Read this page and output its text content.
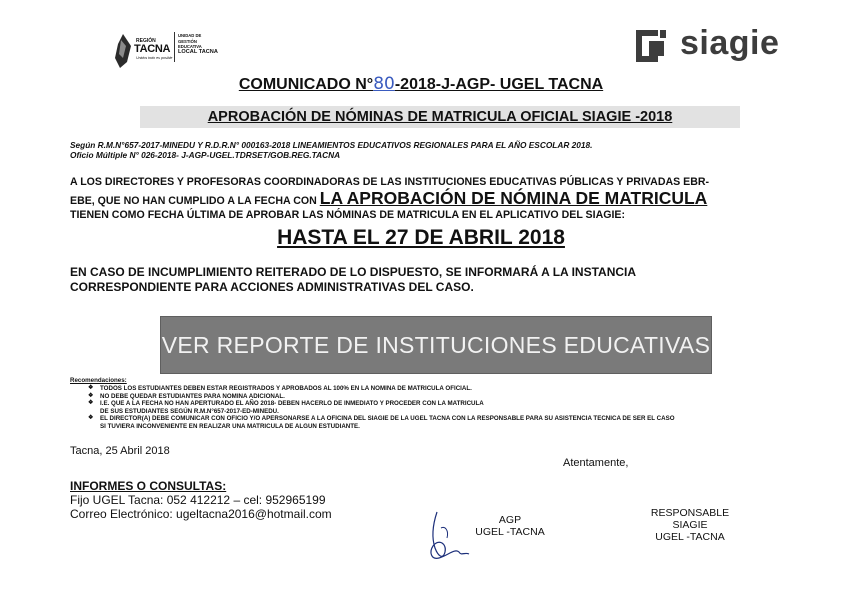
REGIÓN
TACNA
Unidos todo es posible
UNIDAD DE
GESTIÓN
EDUCATIVA
LOCAL TACNA	siagie
COMUNICADO N°80-2018-J-AGP- UGEL TACNA
APROBACIÓN DE NÓMINAS DE MATRICULA OFICIAL SIAGIE -2018
Según R.M.N°657-2017-MINEDU Y R.D.R.N° 000163-2018 LINEAMIENTOS EDUCATIVOS REGIONALES PARA EL AÑO ESCOLAR 2018.
Oficio Múltiple N° 026-2018- J-AGP-UGEL.TDRSET/GOB.REG.TACNA
A LOS DIRECTORES Y PROFESORAS COORDINADORAS DE LAS INSTITUCIONES EDUCATIVAS PÚBLICAS Y PRIVADAS EBR-
EBE, QUE NO HAN CUMPLIDO A LA FECHA CON LA APROBACIÓN DE NÓMINA DE MATRICULA
TIENEN COMO FECHA ÚLTIMA DE APROBAR LAS NÓMINAS DE MATRICULA EN EL APLICATIVO DEL SIAGIE:
HASTA EL 27 DE ABRIL 2018
EN CASO DE INCUMPLIMIENTO REITERADO DE LO DISPUESTO, SE INFORMARÁ A LA INSTANCIA
CORRESPONDIENTE PARA ACCIONES ADMINISTRATIVAS DEL CASO.
VER REPORTE DE INSTITUCIONES EDUCATIVAS
Recomendaciones:
❖ TODOS LOS ESTUDIANTES DEBEN ESTAR REGISTRADOS Y APROBADOS AL 100% EN LA NOMINA DE MATRICULA OFICIAL.
❖ NO DEBE QUEDAR ESTUDIANTES PARA NOMINA ADICIONAL.
❖ I.E. QUE A LA FECHA NO HAN APERTURADO EL AÑO 2018- DEBEN HACERLO DE INMEDIATO Y PROCEDER CON LA MATRICULA
DE SUS ESTUDIANTES SEGÚN R.M.N°657-2017-ED-MINEDU.
❖ EL DIRECTOR(A) DEBE COMUNICAR CON OFICIO Y/O APERSONARSE A LA OFICINA DEL SIAGIE DE LA UGEL TACNA CON LA RESPONSABLE PARA SU ASISTENCIA TECNICA DE SER EL CASO
SI TUVIERA INCONVENIENTE EN REALIZAR UNA MATRICULA DE ALGUN ESTUDIANTE.
Tacna, 25 Abril 2018
Atentamente,
INFORMES O CONSULTAS:
Fijo UGEL Tacna: 052 412212 – cel: 952965199
Correo Electrónico: ugeltacna2016@hotmail.com	AGP
UGEL -TACNA
RESPONSABLE
SIAGIE
UGEL -TACNA
